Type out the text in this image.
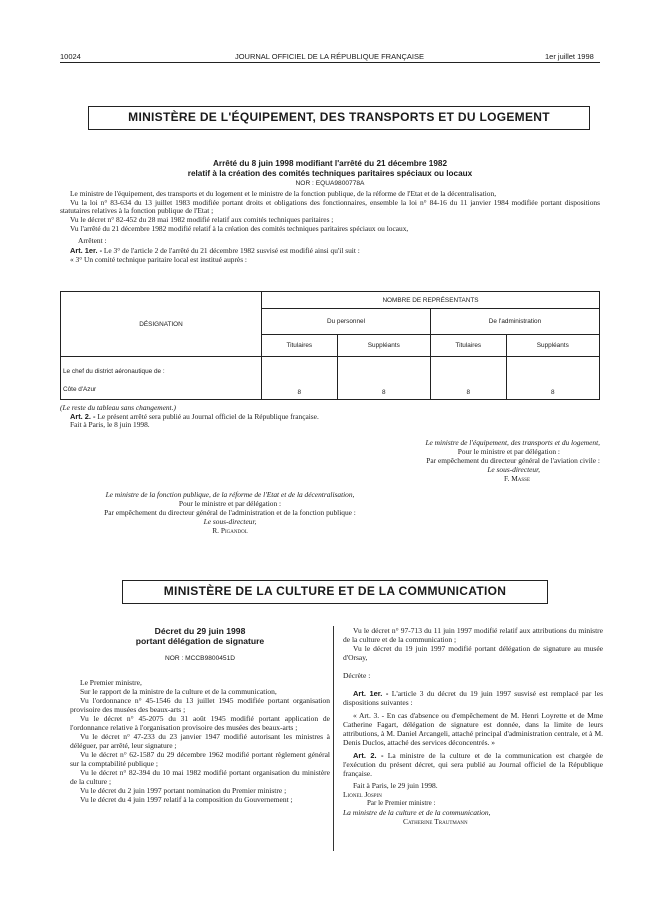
10024	JOURNAL OFFICIEL DE LA RÉPUBLIQUE FRANÇAISE	1er juillet 1998
MINISTÈRE DE L'ÉQUIPEMENT, DES TRANSPORTS ET DU LOGEMENT
Arrêté du 8 juin 1998 modifiant l'arrêté du 21 décembre 1982
relatif à la création des comités techniques paritaires spéciaux ou locaux
NOR : EQUA9800778A

Le ministre de l'équipement, des transports et du logement et le ministre de la fonction publique, de la réforme de l'Etat et de la décentralisation,

Vu la loi n° 83-634 du 13 juillet 1983 modifiée portant droits et obligations des fonctionnaires, ensemble la loi n° 84-16 du 11 janvier 1984 modifiée portant dispositions statutaires relatives à la fonction publique de l'Etat ;

Vu le décret n° 82-452 du 28 mai 1982 modifié relatif aux comités techniques paritaires ;

Vu l'arrêté du 21 décembre 1982 modifié relatif à la création des comités techniques paritaires spéciaux ou locaux,

Arrêtent :

Art. 1er. - Le 3° de l'article 2 de l'arrêté du 21 décembre 1982 susvisé est modifié ainsi qu'il suit :

« 3° Un comité technique paritaire local est institué auprès :

DÉSIGNATION	NOMBRE DE REPRÉSENTANTS			
	Du personnel		De l'administration	
	Titulaires	Suppléants	Titulaires	Suppléants

Le chef du district aéronautique de :
Côte d'Azur	8	8	8	8

(Le reste du tableau sans changement.)

Art. 2. - Le présent arrêté sera publié au Journal officiel de la République française.

Fait à Paris, le 8 juin 1998.

Le ministre de l'équipement, des transports et du logement,
Pour le ministre et par délégation :
Par empêchement du directeur général de l'aviation civile :
Le sous-directeur,
F. Masse
Le ministre de la fonction publique, de la réforme de l'Etat et de la décentralisation,
Pour le ministre et par délégation :
Par empêchement du directeur général de l'administration et de la fonction publique :
Le sous-directeur,
R. Pigandol
MINISTÈRE DE LA CULTURE ET DE LA COMMUNICATION
Décret du 29 juin 1998
portant délégation de signature
NOR : MCCB9800451D

Le Premier ministre,

Sur le rapport de la ministre de la culture et de la communication,

Vu l'ordonnance n° 45-1546 du 13 juillet 1945 modifiée portant organisation provisoire des musées des beaux-arts ;

Vu le décret n° 45-2075 du 31 août 1945 modifié portant application de l'ordonnance relative à l'organisation provisoire des musées des beaux-arts ;

Vu le décret n° 47-233 du 23 janvier 1947 modifié autorisant les ministres à déléguer, par arrêté, leur signature ;

Vu le décret n° 62-1587 du 29 décembre 1962 modifié portant règlement général sur la comptabilité publique ;

Vu le décret n° 82-394 du 10 mai 1982 modifié portant organisation du ministère de la culture ;

Vu le décret du 2 juin 1997 portant nomination du Premier ministre ;

Vu le décret du 4 juin 1997 relatif à la composition du Gouvernement ;

Vu le décret n° 97-713 du 11 juin 1997 modifié relatif aux attributions du ministre de la culture et de la communication ;

Vu le décret du 19 juin 1997 modifié portant délégation de signature au musée d'Orsay,

Décrète :

Art. 1er. - L'article 3 du décret du 19 juin 1997 susvisé est remplacé par les dispositions suivantes :

« Art. 3. - En cas d'absence ou d'empêchement de M. Henri Loyrette et de Mme Catherine Fagart, délégation de signature est donnée, dans la limite de leurs attributions, à M. Daniel Arcangeli, attaché principal d'administration centrale, et à M. Denis Duclos, attaché des services déconcentrés. »

Art. 2. - La ministre de la culture et de la communication est chargée de l'exécution du présent décret, qui sera publié au Journal officiel de la République française.

Fait à Paris, le 29 juin 1998.

Lionel Jospin

Par le Premier ministre :

La ministre de la culture et de la communication,

Catherine Trautmann
